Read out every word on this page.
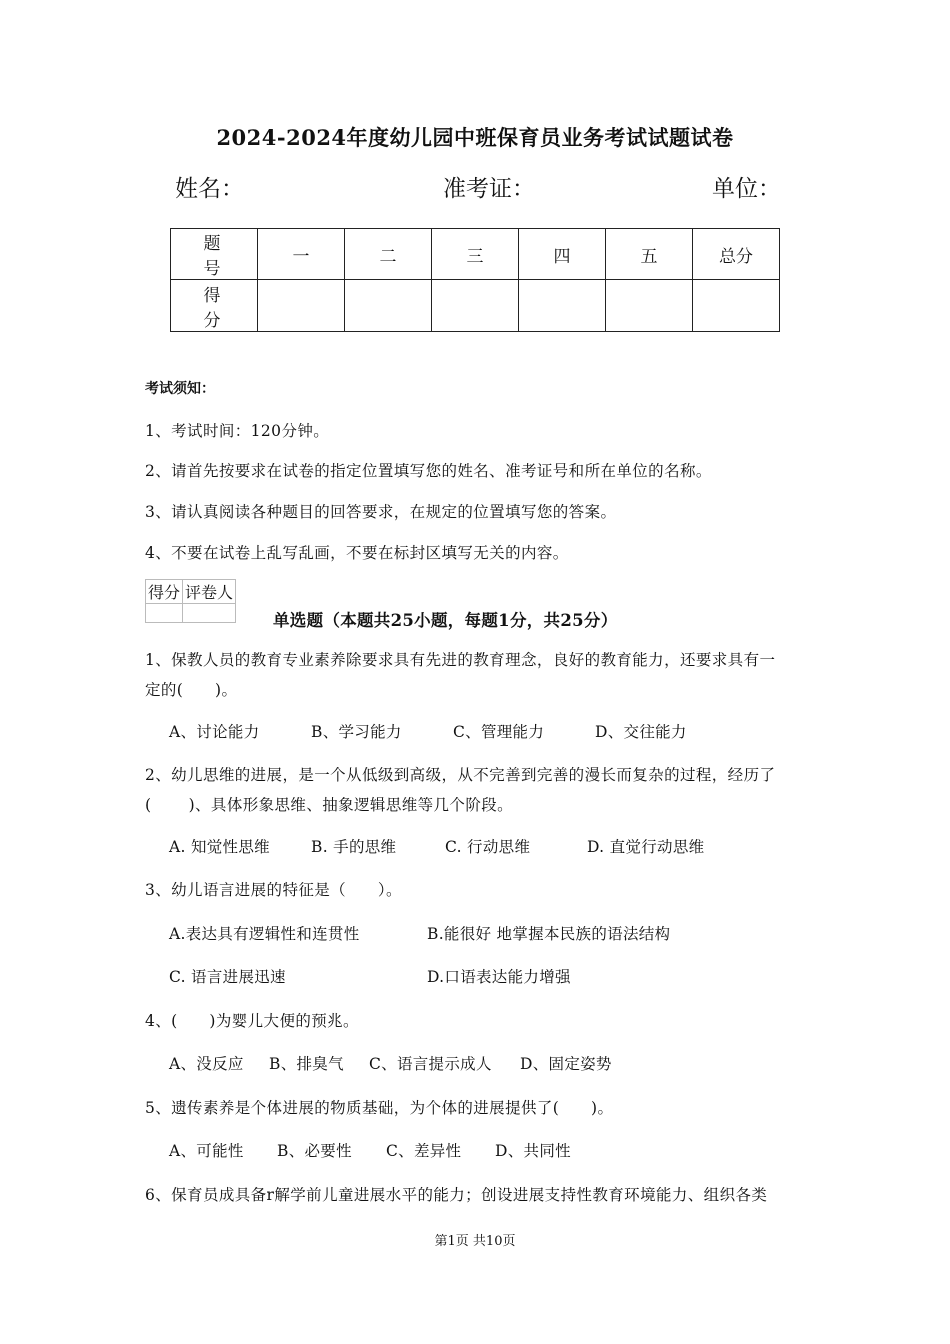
2024-2024年度幼儿园中班保育员业务考试试题试卷
姓名：	准考证：	单位：
题　号	一	二	三	四	五	总分
得　分						
考试须知：
1、考试时间：120分钟。
2、请首先按要求在试卷的指定位置填写您的姓名、准考证号和所在单位的名称。
3、请认真阅读各种题目的回答要求，在规定的位置填写您的答案。
4、不要在试卷上乱写乱画，不要在标封区填写无关的内容。
得分	评卷人

单选题（本题共25小题，每题1分，共25分）
1、保教人员的教育专业素养除要求具有先进的教育理念，良好的教育能力，还要求具有一
定的(　　)。
A、讨论能力	B、学习能力	C、管理能力	D、交往能力
2、幼儿思维的进展，是一个从低级到高级，从不完善到完善的漫长而复杂的过程，经历了
(　　 )、具体形象思维、抽象逻辑思维等几个阶段。
A. 知觉性思维	B. 手的思维	C. 行动思维	D. 直觉行动思维
3、幼儿语言进展的特征是（　　）。
A.表达具有逻辑性和连贯性	B.能很好 地掌握本民族的语法结构
C. 语言进展迅速	D.口语表达能力增强
4、(　　)为婴儿大便的预兆。
A、没反应 B、排臭气 C、语言提示成人 D、固定姿势
5、遗传素养是个体进展的物质基础，为个体的进展提供了(　　)。
A、可能性 B、必要性 C、差异性 D、共同性
6、保育员成具备r解学前儿童进展水平的能力；创设进展支持性教育环境能力、组织各类
第1页 共10页
